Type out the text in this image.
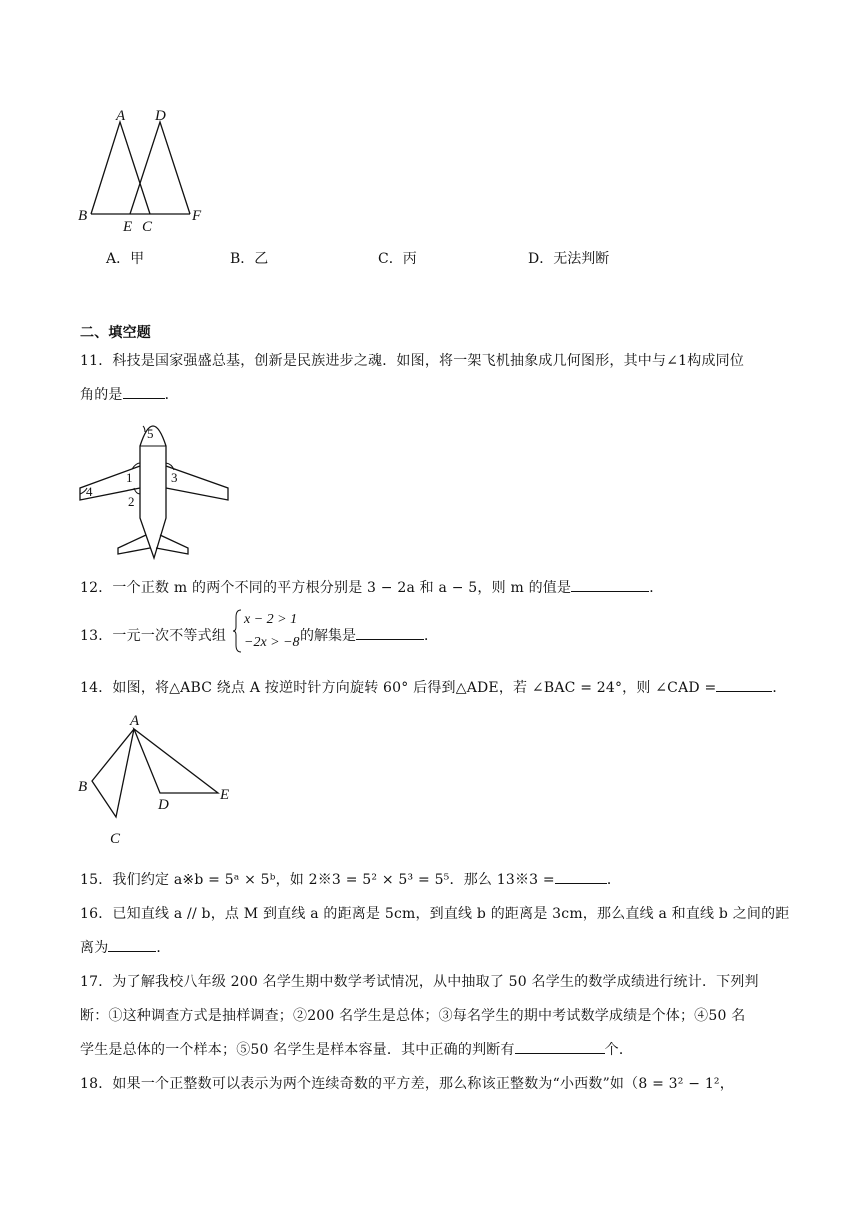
A D
B	F
E C
A．甲	B．乙	C．丙	D．无法判断
二、填空题
11．科技是国家强盛总基，创新是民族进步之魂．如图，将一架飞机抽象成几何图形，其中与∠1构成同位
角的是	．
1
2
3
4
5
12．一个正数 m 的两个不同的平方根分别是 3 − 2a 和 a − 5，则 m 的值是	．
13．一元一次不等式组
x − 2 > 1
−2x > −8 的解集是	．
14．如图，将△ABC 绕点 A 按逆时针方向旋转 60° 后得到△ADE，若 ∠BAC = 24°，则 ∠CAD =	．
A
B
C
D
E
15．我们约定 a※b = 5ᵃ × 5ᵇ，如 2※3 = 5² × 5³ = 5⁵．那么 13※3 =	．
16．已知直线 a // b，点 M 到直线 a 的距离是 5cm，到直线 b 的距离是 3cm，那么直线 a 和直线 b 之间的距
离为	．
17．为了解我校八年级 200 名学生期中数学考试情况，从中抽取了 50 名学生的数学成绩进行统计．下列判
断：①这种调查方式是抽样调查；②200 名学生是总体；③每名学生的期中考试数学成绩是个体；④50 名
学生是总体的一个样本；⑤50 名学生是样本容量．其中正确的判断有	个．
18．如果一个正整数可以表示为两个连续奇数的平方差，那么称该正整数为“小西数”如（8 = 3² − 1²，
